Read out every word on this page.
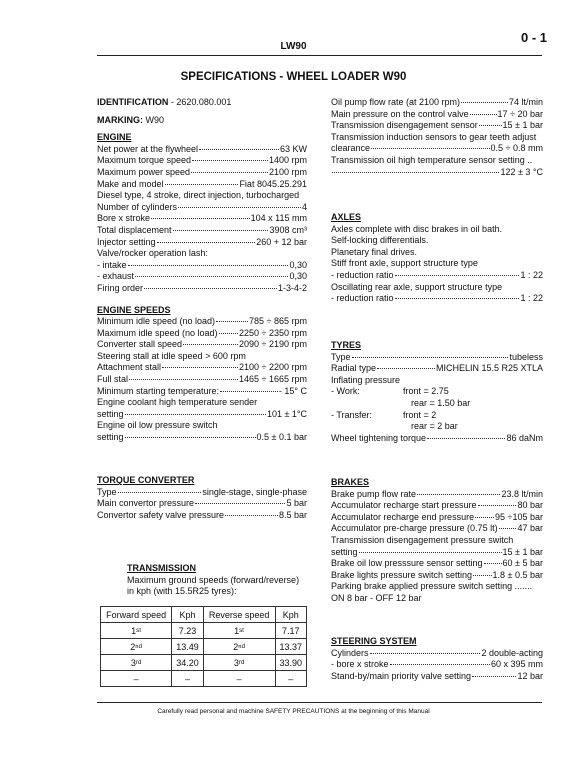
0 - 1
LW90
SPECIFICATIONS - WHEEL LOADER W90

IDENTIFICATION - 2620.080.001

MARKING: W90

ENGINE

Net power at the flywheel	63 KW
Maximum torque speed	1400 rpm
Maximum power speed	2100 rpm
Make and model	Fiat 8045.25.291

Diesel type, 4 stroke, direct injection, turbocharged

Number of cylinders	4
Bore x stroke	104 x 115 mm
Total displacement	3908 cm³
Injector setting	260 + 12 bar

Valve/rocker operation lash:

- intake	0,30
- exhaust	0,30
Firing order	1-3-4-2

ENGINE SPEEDS

Minimum idle speed (no load)	785 ÷ 865 rpm
Maximum idle speed (no load) 2250 ÷ 2350 rpm
Converter stall speed	2090 ÷ 2190 rpm

Steering stall at idle speed > 600 rpm

Attachment stall	2100 ÷ 2200 rpm
Full stal	1465 ÷ 1665 rpm
Minimum starting temperature:	- 15° C

Engine coolant high temperature sender

setting	101 ± 1°C

Engine oil low pressure switch

setting	0.5 ± 0.1 bar

TORQUE CONVERTER

Type	single-stage, single-phase
Main convertor pressure	5 bar
Convertor safety valve pressure	8.5 bar

TRANSMISSION

Maximum ground speeds (forward/reverse) in kph (with 15.5R25 tyres):

Forward speed	Kph	Reverse speed	Kph
1ˢᵗ	7.23	1ˢᵗ	7.17
2ⁿᵈ	13.49	2ⁿᵈ	13.37
3ʳᵈ	34.20	3ʳᵈ	33.90
–	–	–	–
Oil pump flow rate (at 2100 rpm)	74 lt/min
Main pressure on the control valve	17 ÷ 20 bar
Transmission disengagement sensor	15 ± 1 bar

Transmission induction sensors to gear teeth adjust

clearance	0.5 ÷ 0.8 mm

Transmission oil high temperature sensor setting ..

122 ± 3 °C

AXLES

Axles complete with disc brakes in oil bath.

Self-locking differentials.

Planetary final drives.

Stiff front axle, support structure type

- reduction ratio	1 : 22

Oscillating rear axle, support structure type

- reduction ratio	1 : 22

TYRES

Type	tubeless
Radial type	MICHELIN 15.5 R25 XTLA

Inflating pressure

- Work:	front = 2.75

rear = 1.50 bar

- Transfer:	front = 2

rear = 2 bar

Wheel tightening torque	86 daNm

BRAKES

Brake pump flow rate	23.8 lt/min
Accumulator recharge start pressure	80 bar
Accumulator recharge end pressure 95 ÷105 bar
Accumulator pre-charge pressure (0.75 lt) 47 bar

Transmission disengagement pressure switch

setting	15 ± 1 bar
Brake oil low presssure sensor setting 60 ± 5 bar
Brake lights pressure switch setting 1.8 ± 0.5 bar

Parking brake applied pressure switch setting .......

ON 8 bar - OFF 12 bar

STEERING SYSTEM

Cylinders	2 double-acting
- bore x stroke	60 x 395 mm
Stand-by/main priority valve setting	12 bar
Carefully read personal and machine SAFETY PRECAUTIONS at the beginning of this Manual
